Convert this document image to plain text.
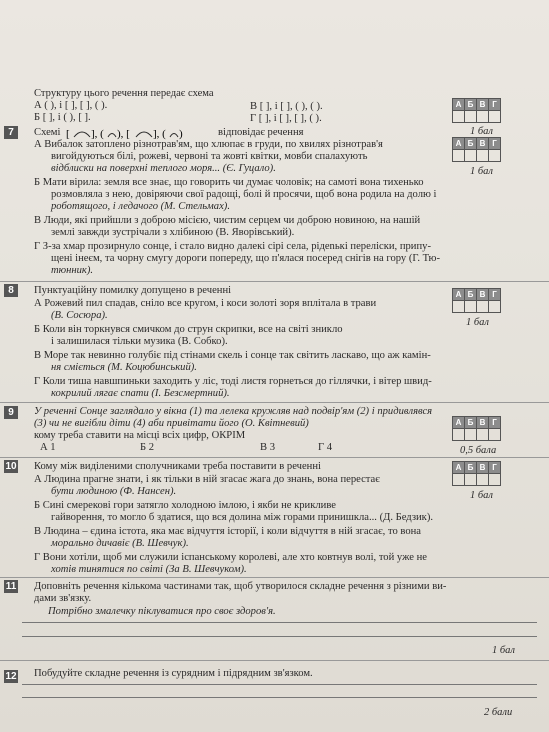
Структуру цього речення передає схема
А ( ), і [ ], [ ], ( ).
Б [ ], і ( ), [ ].
В [ ], і [ ], ( ), ( ).
Г [ ], і [ ], [ ], ( ).
А	Б	В	Г

1 бал
7	Схемі [ ], ( ), [ ], ( )	відповідає речення
А Вибалок затоплено різнотрав'ям, що хлюпає в груди, по хвилях різнотрав'я
вигойдуються білі, рожеві, червоні та жовті квітки, мовби спалахують
відблиски на поверхні теплого моря... (Є. Гуцало).
Б Мати вірила: земля все знає, що говорить чи думає чоловік; на самоті вона тихенько
розмовляла з нею, довіряючи свої радощі, болі й просячи, щоб вона родила на долю і
роботящого, і ледачого (М. Стельмах).
В Люди, які прийшли з доброю місією, чистим серцем чи доброю новиною, на нашій
землі завжди зустрічали з хлібиною (В. Яворівський).
Г З-за хмар прозирнуло сонце, і стало видно далекі сірі села, рідenькі переліски, припу-
щені інеєм, та чорну смугу дороги попереду, що п'ялася посеред снігів на гору (Г. Тю-
тюнник).
А	Б	В	Г

1 бал
8	Пунктуаційну помилку допущено в реченні
А Рожевий пил спадав, сніло все кругом, і коси золоті зоря вплітала в трави
(В. Сосюра).
Б Коли він торкнувся смичком до струн скрипки, все на світі зникло
і залишилася тільки музика (В. Собко).
В Море так невинно голубіє під стінами скель і сонце так світить ласкаво, що аж камін-
ня сміється (М. Коцюбинський).
Г Коли тиша навшпиньки заходить у ліс, тоді листя горнеться до гіллячки, і вітер швид-
кокрилий лягає спати (І. Безсмертний).
А	Б	В	Г

1 бал
9	У реченні Сонце заглядало у вікна (1) та лелека кружляв над подвір'ям (2) і придивлявся
(3) чи не вигiбли діти (4) аби привітати його (О. Квітневий)
кому треба ставити на місці всіх цифр, ОКРІМ
А 1	Б 2	В 3	Г 4
А	Б	В	Г

0,5 бала
10 Кому між виділеними сполучниками треба поставити в реченні
А Людина прагне знати, і як тільки в ній згасає жага до знань, вона перестає
бути людиною (Ф. Нансен).
Б Сині смерекові гори затягло холодною імлою, і якби не крикливе
гайворення, то могло б здатися, що вся долина між горами принишкла... (Д. Бедзик).
В Людина – єдина істота, яка має відчуття історії, і коли відчуття в ній згасає, то вона
морально дичавіє (В. Шевчук).
Г Вони хотіли, щоб ми служили іспанському королеві, але хто ковтнув волі, той уже не
хотів тинятися по світі (За В. Шевчуком).
А	Б	В	Г

1 бал
11 Доповніть речення кількома частинами так, щоб утворилося складне речення з різними ви-
дами зв'язку.
Потрібно змалечку піклуватися про своє здоров'я.
1 бал
12 Побудуйте складне речення із сурядним і підрядним зв'язком.
2 бали
